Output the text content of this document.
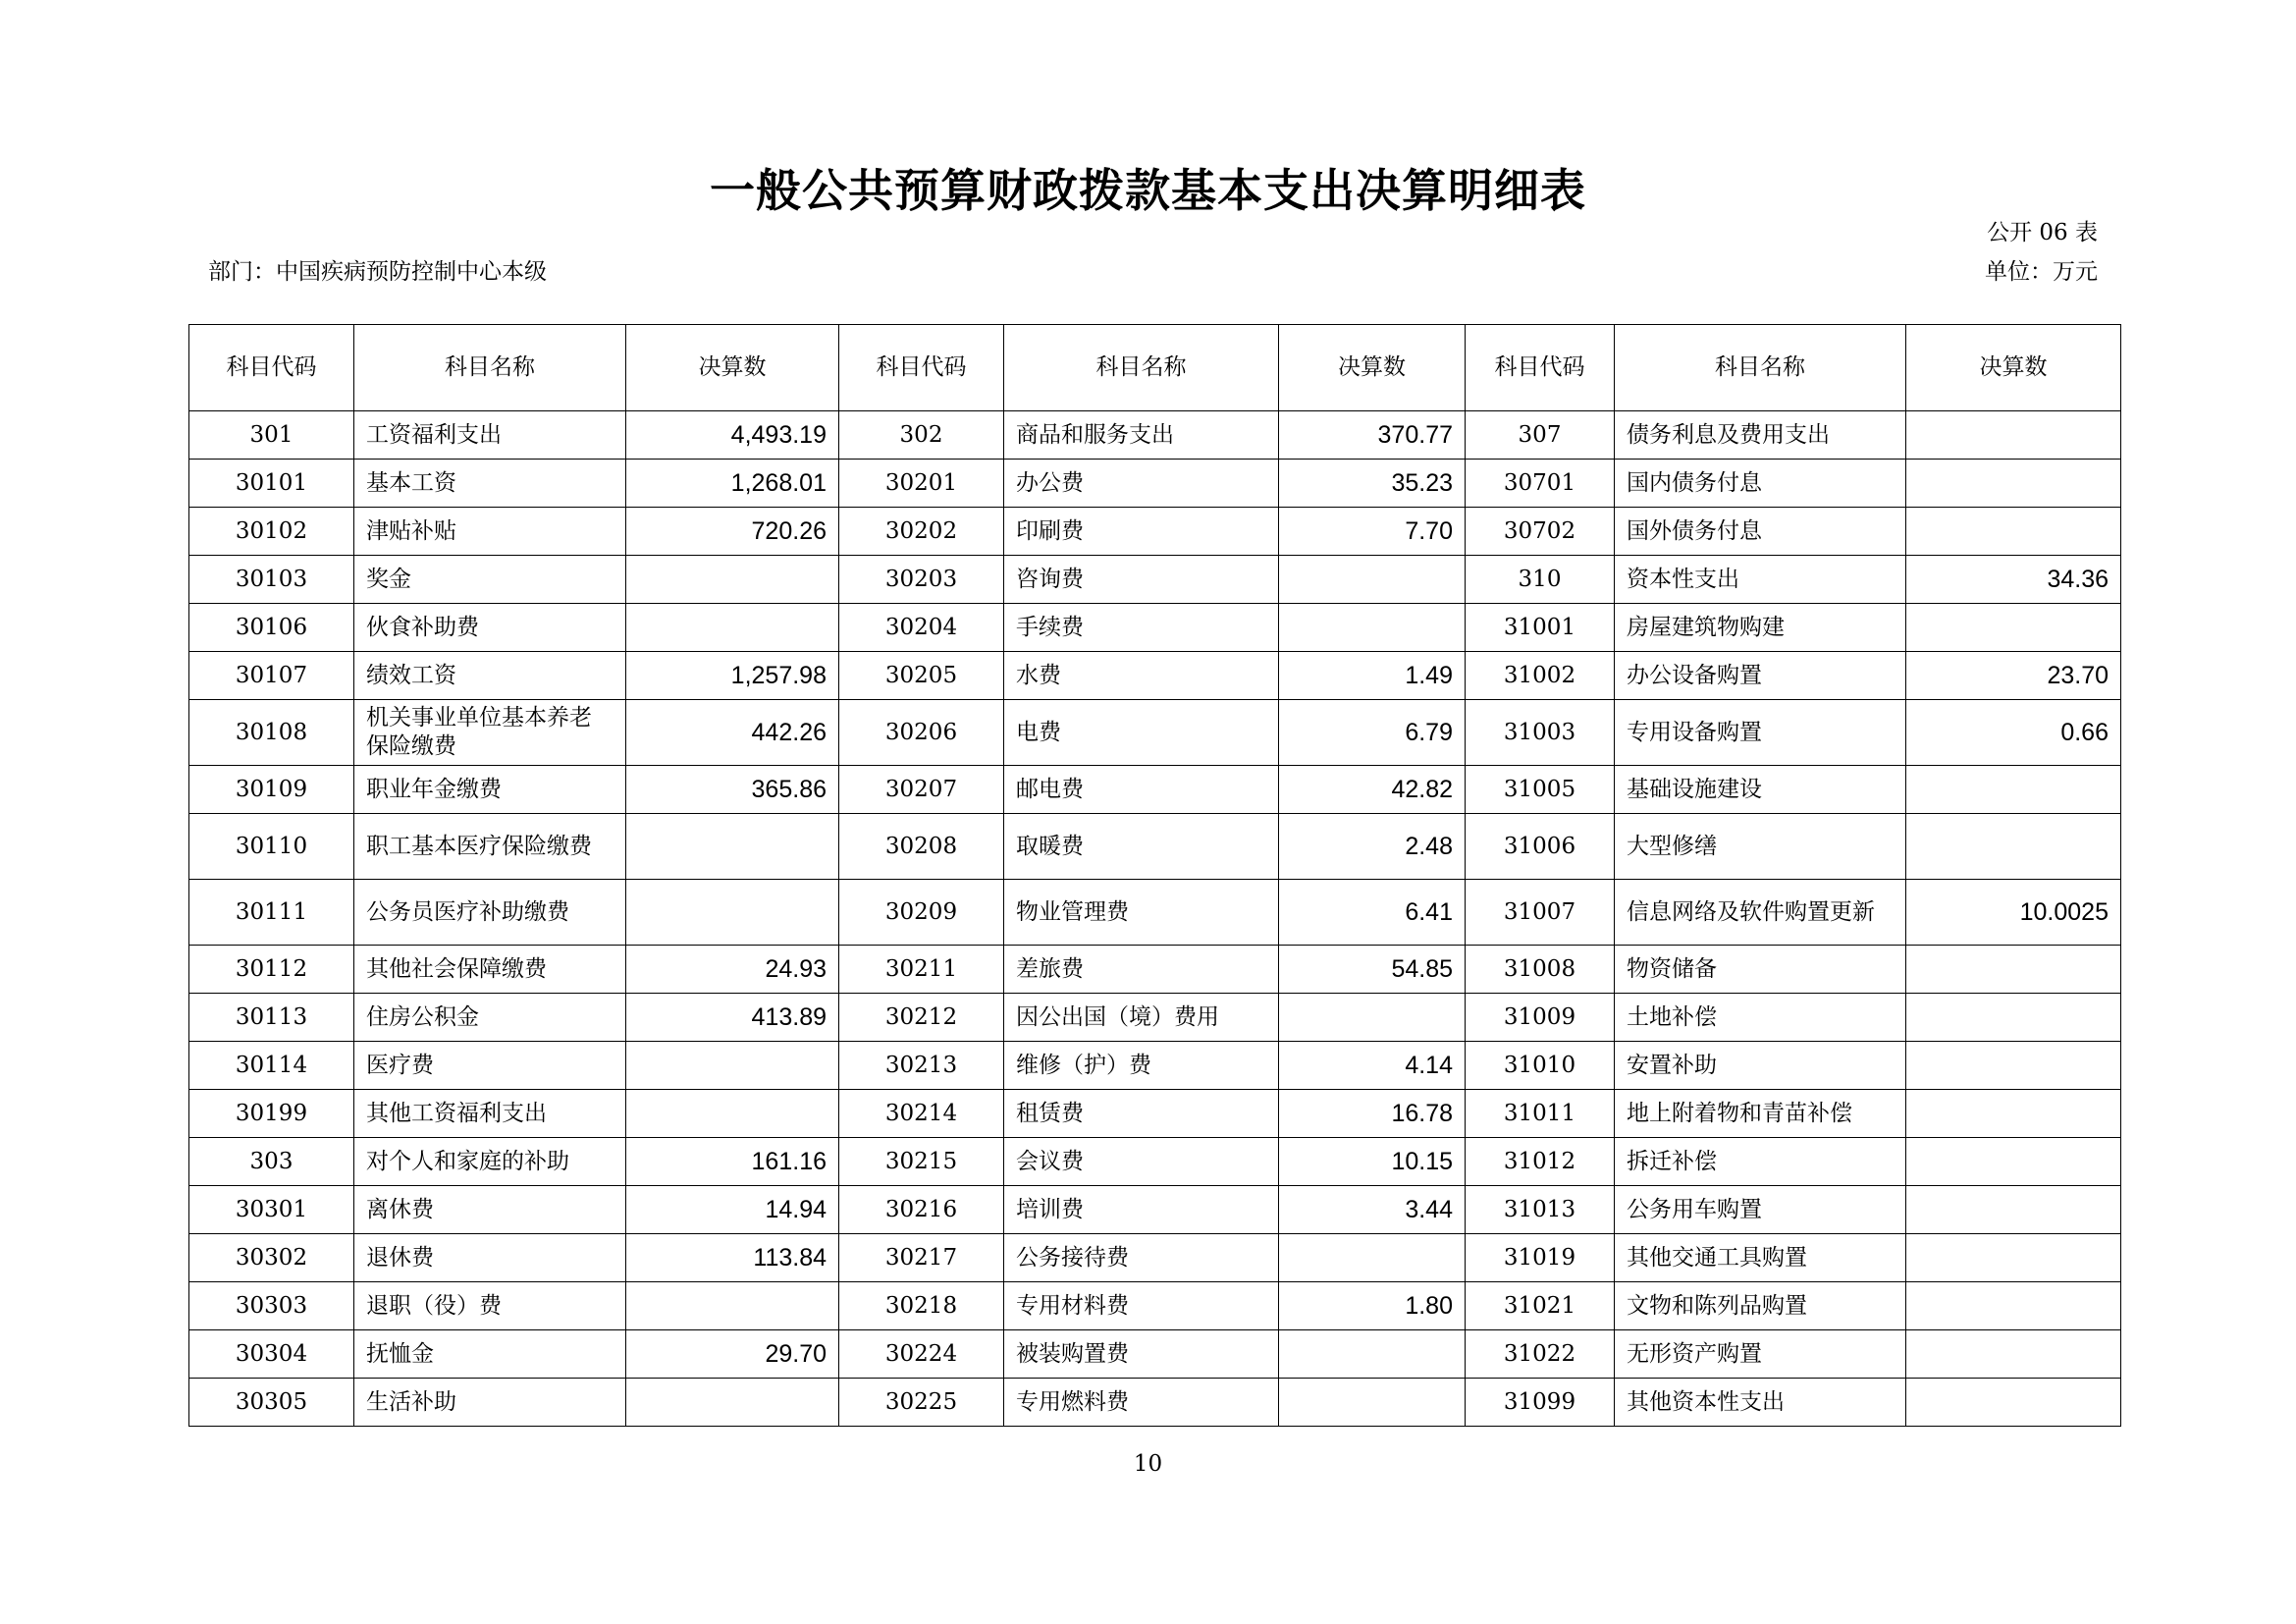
一般公共预算财政拨款基本支出决算明细表
公开 06 表
部门：中国疾病预防控制中心本级	单位：万元
科目代码	科目名称	决算数	科目代码	科目名称	决算数	科目代码	科目名称	决算数
301	工资福利支出	4,493.19	302	商品和服务支出	370.77	307	债务利息及费用支出	
30101	基本工资	1,268.01	30201	办公费	35.23	30701	国内债务付息	
30102	津贴补贴	720.26	30202	印刷费	7.70	30702	国外债务付息	
30103	奖金		30203	咨询费		310	资本性支出	34.36
30106	伙食补助费		30204	手续费		31001	房屋建筑物购建	
30107	绩效工资	1,257.98	30205	水费	1.49	31002	办公设备购置	23.70
30108	机关事业单位基本养老保险缴费	442.26	30206	电费	6.79	31003	专用设备购置	0.66
30109	职业年金缴费	365.86	30207	邮电费	42.82	31005	基础设施建设	
30110	职工基本医疗保险缴费		30208	取暖费	2.48	31006	大型修缮	
30111	公务员医疗补助缴费		30209	物业管理费	6.41	31007	信息网络及软件购置更新	10.0025
30112	其他社会保障缴费	24.93	30211	差旅费	54.85	31008	物资储备	
30113	住房公积金	413.89	30212	因公出国（境）费用		31009	土地补偿	
30114	医疗费		30213	维修（护）费	4.14	31010	安置补助	
30199	其他工资福利支出		30214	租赁费	16.78	31011	地上附着物和青苗补偿	
303	对个人和家庭的补助	161.16	30215	会议费	10.15	31012	拆迁补偿	
30301	离休费	14.94	30216	培训费	3.44	31013	公务用车购置	
30302	退休费	113.84	30217	公务接待费		31019	其他交通工具购置	
30303	退职（役）费		30218	专用材料费	1.80	31021	文物和陈列品购置	
30304	抚恤金	29.70	30224	被装购置费		31022	无形资产购置	
30305	生活补助		30225	专用燃料费		31099	其他资本性支出	
10
